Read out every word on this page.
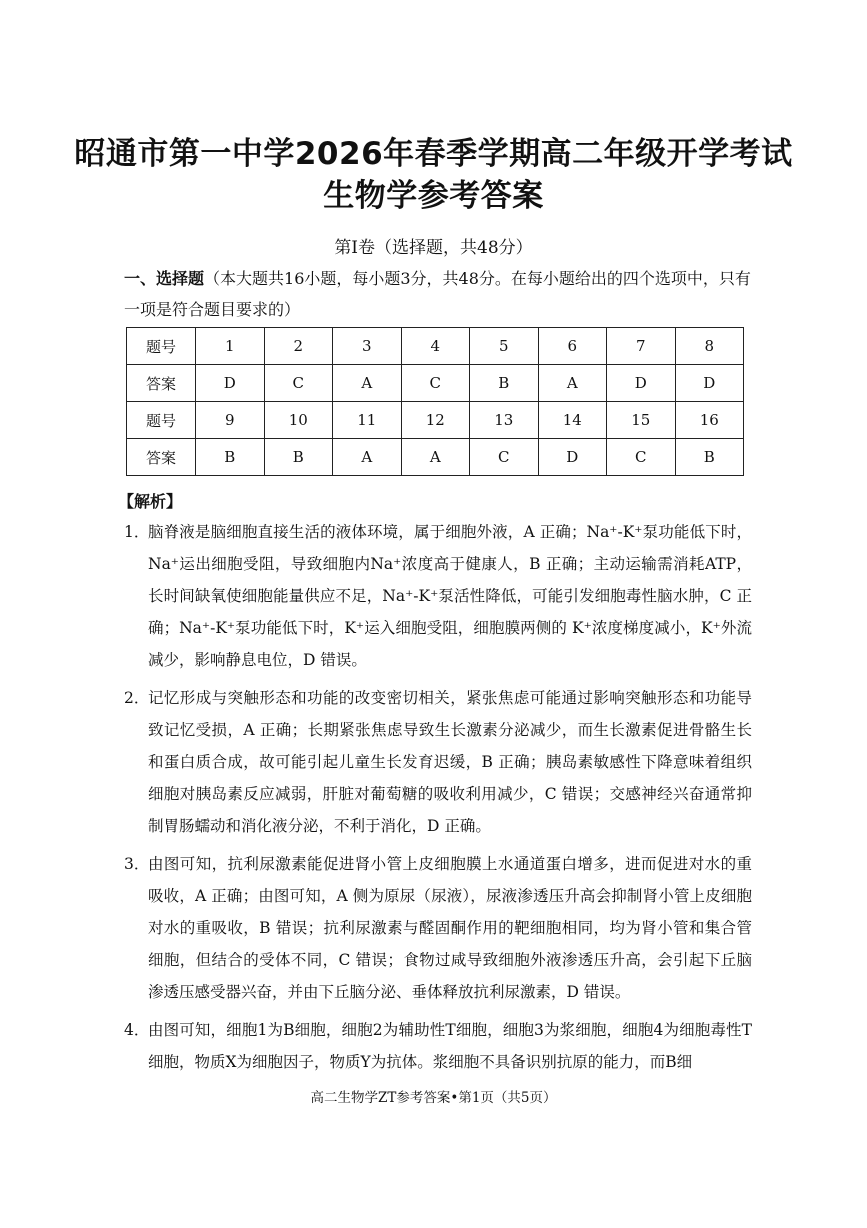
昭通市第一中学2026年春季学期高二年级开学考试
生物学参考答案
第Ⅰ卷（选择题，共48分）
一、选择题（本大题共16小题，每小题3分，共48分。在每小题给出的四个选项中，只有一项是符合题目要求的）
题号	1	2	3	4	5	6	7	8
答案	D	C	A	C	B	A	D	D
题号	9	10	11	12	13	14	15	16
答案	B	B	A	A	C	D	C	B
【解析】
1．
脑脊液是脑细胞直接生活的液体环境，属于细胞外液，A 正确；Na⁺-K⁺泵功能低下时，Na⁺运出细胞受阻，导致细胞内Na⁺浓度高于健康人，B 正确；主动运输需消耗ATP，长时间缺氧使细胞能量供应不足，Na⁺-K⁺泵活性降低，可能引发细胞毒性脑水肿，C 正确；Na⁺-K⁺泵功能低下时，K⁺运入细胞受阻，细胞膜两侧的 K⁺浓度梯度减小，K⁺外流减少，影响静息电位，D 错误。
2．
记忆形成与突触形态和功能的改变密切相关，紧张焦虑可能通过影响突触形态和功能导致记忆受损，A 正确；长期紧张焦虑导致生长激素分泌减少，而生长激素促进骨骼生长和蛋白质合成，故可能引起儿童生长发育迟缓，B 正确；胰岛素敏感性下降意味着组织细胞对胰岛素反应减弱，肝脏对葡萄糖的吸收利用减少，C 错误；交感神经兴奋通常抑制胃肠蠕动和消化液分泌，不利于消化，D 正确。
3．
由图可知，抗利尿激素能促进肾小管上皮细胞膜上水通道蛋白增多，进而促进对水的重吸收，A 正确；由图可知，A 侧为原尿（尿液），尿液渗透压升高会抑制肾小管上皮细胞对水的重吸收，B 错误；抗利尿激素与醛固酮作用的靶细胞相同，均为肾小管和集合管细胞，但结合的受体不同，C 错误；食物过咸导致细胞外液渗透压升高，会引起下丘脑渗透压感受器兴奋，并由下丘脑分泌、垂体释放抗利尿激素，D 错误。
4．
由图可知，细胞1为B细胞，细胞2为辅助性T细胞，细胞3为浆细胞，细胞4为细胞毒性T细胞，物质X为细胞因子，物质Y为抗体。浆细胞不具备识别抗原的能力，而B细
高二生物学ZT参考答案•第1页（共5页）
